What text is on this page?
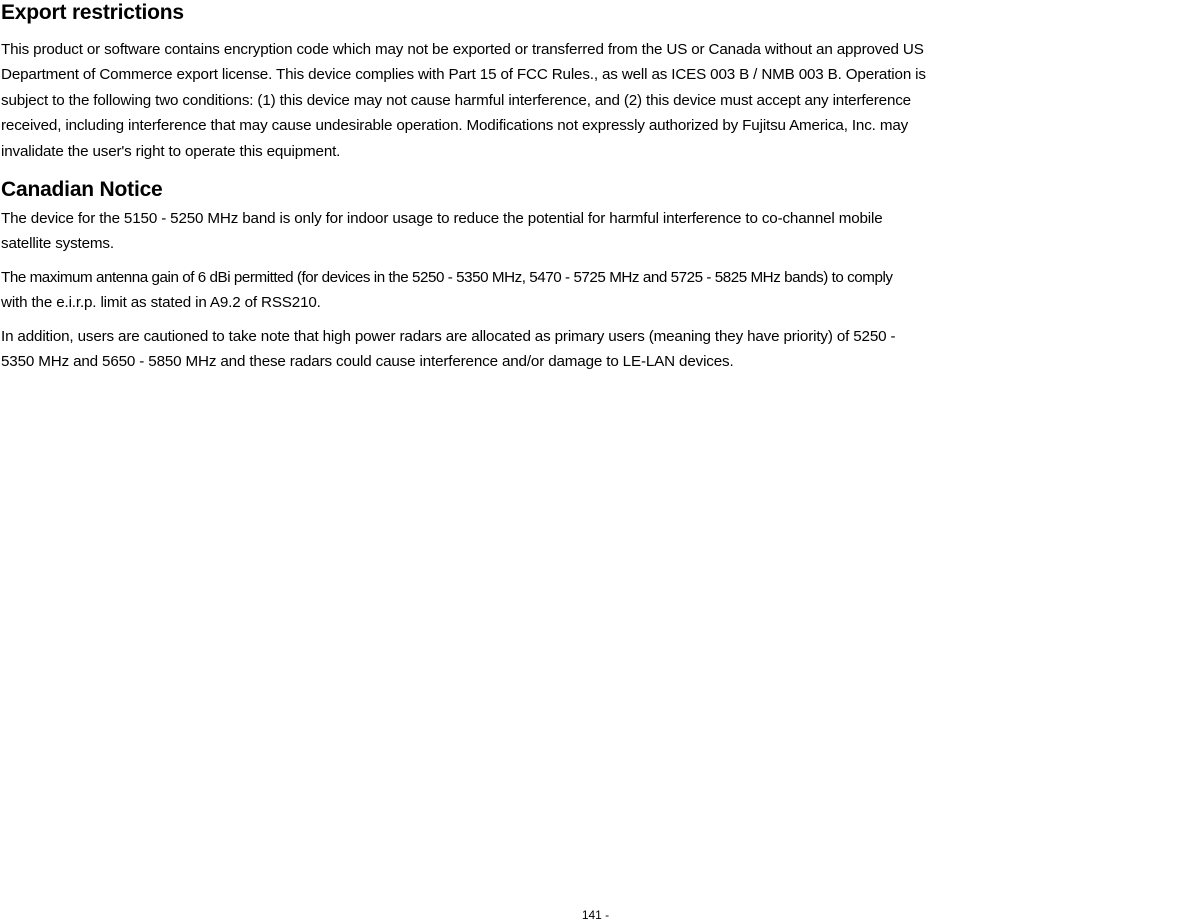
Export restrictions

This product or software contains encryption code which may not be exported or transferred from the US or Canada without an approved US
Department of Commerce export license. This device complies with Part 15 of FCC Rules., as well as ICES 003 B / NMB 003 B. Operation is
subject to the following two conditions: (1) this device may not cause harmful interference, and (2) this device must accept any interference
received, including interference that may cause undesirable operation. Modifications not expressly authorized by Fujitsu America, Inc. may
invalidate the user's right to operate this equipment.

Canadian Notice

The device for the 5150 - 5250 MHz band is only for indoor usage to reduce the potential for harmful interference to co-channel mobile
satellite systems.

The maximum antenna gain of 6 dBi permitted (for devices in the 5250 - 5350 MHz, 5470 - 5725 MHz and 5725 - 5825 MHz bands) to comply
with the e.i.r.p. limit as stated in A9.2 of RSS210.

In addition, users are cautioned to take note that high power radars are allocated as primary users (meaning they have priority) of 5250 -
5350 MHz and 5650 - 5850 MHz and these radars could cause interference and/or damage to LE-LAN devices.

141 -
